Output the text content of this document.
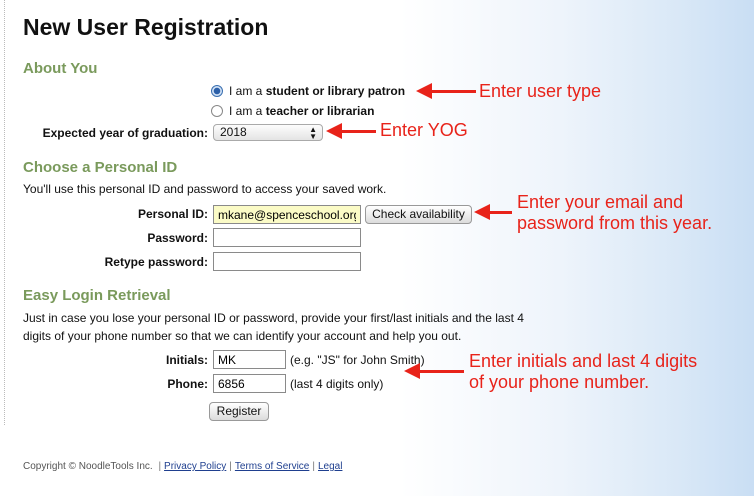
New User Registration
About You
I am a student or library patron
I am a teacher or librarian
Expected year of graduation:	2018	▲
▼
Choose a Personal ID
You'll use this personal ID and password to access your saved work.
Personal ID:
mkane@spenceschool.org	Check availability
Password:
Retype password:
Easy Login Retrieval
Just in case you lose your personal ID or password, provide your first/last initials and the last 4
digits of your phone number so that we can identify your account and help you out.
Initials:
MK	(e.g. "JS" for John Smith)
Phone:
6856	(last 4 digits only)
Register
Enter user type
Enter YOG
Enter your email and
password from this year.
Enter initials and last 4 digits
of your phone number.
Copyright © NoodleTools Inc. | Privacy Policy | Terms of Service | Legal
